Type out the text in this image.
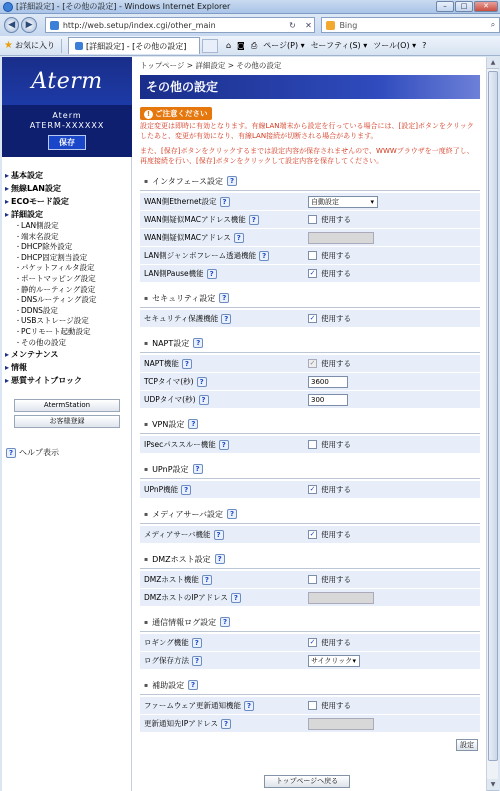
[詳細設定] - [その他の設定] - Windows Internet Explorer	–	□	✕
◀	▶	http://web.setup/index.cgi/other_main	↻	✕	Bing	⌕
★ お気に入り	[詳細設定] - [その他の設定]	⌂ ◙ ⎙ ページ(P) ▾ セーフティ(S) ▾ ツール(O) ▾ ?
Aterm
Aterm
ATERM-XXXXXX
保存
▸ 基本設定
▸ 無線LAN設定
▸ ECOモード設定
▸ 詳細設定
・ LAN側設定
・ 端末名設定
・ DHCP除外設定
・ DHCP固定割当設定
・ パケットフィルタ設定
・ ポートマッピング設定
・ 静的ルーティング設定
・ DNSルーティング設定
・ DDNS設定
・ USBストレージ設定
・ PCリモート起動設定
・ その他の設定
▸ メンテナンス
▸ 情報
▸ 悪質サイトブロック
AtermStation
お客様登録
? ヘルプ表示
トップページ > 詳細設定 > その他の設定
その他の設定
! ご注意ください

設定変更は即時に有効となります。有線LAN端末から設定を行っている場合には、[設定]ボタンをクリックしたあと、変更が有効になり、有線LAN接続が切断される場合があります。

また、[保存]ボタンをクリックするまでは設定内容が保存されませんので、WWWブラウザを一度終了し、再度接続を行い、[保存]ボタンをクリックして設定内容を保存してください。

▪ インタフェース設定 ?
WAN側Ethernet設定 ?	自動設定	▾
WAN側疑似MACアドレス機能 ?	使用する
WAN側疑似MACアドレス ?
LAN側ジャンボフレーム透過機能 ?	使用する
LAN側Pause機能 ?	✓ 使用する
▪ セキュリティ設定 ?
セキュリティ保護機能 ?	✓ 使用する
▪ NAPT設定 ?
NAPT機能 ?	✓ 使用する
TCPタイマ(秒) ?	3600
UDPタイマ(秒) ?	300
▪ VPN設定 ?
IPsecパススルー機能 ?	使用する
▪ UPnP設定 ?
UPnP機能 ?	✓ 使用する
▪ メディアサーバ設定 ?
メディアサーバ機能 ?	✓ 使用する
▪ DMZホスト設定 ?
DMZホスト機能 ?	使用する
DMZホストのIPアドレス ?
▪ 通信情報ログ設定 ?
ロギング機能 ?	✓ 使用する
ログ保存方法 ?	サイクリック ▾
▪ 補助設定 ?
ファームウェア更新通知機能 ?	使用する
更新通知先IPアドレス ?
設定
トップページへ戻る
▲
▼
